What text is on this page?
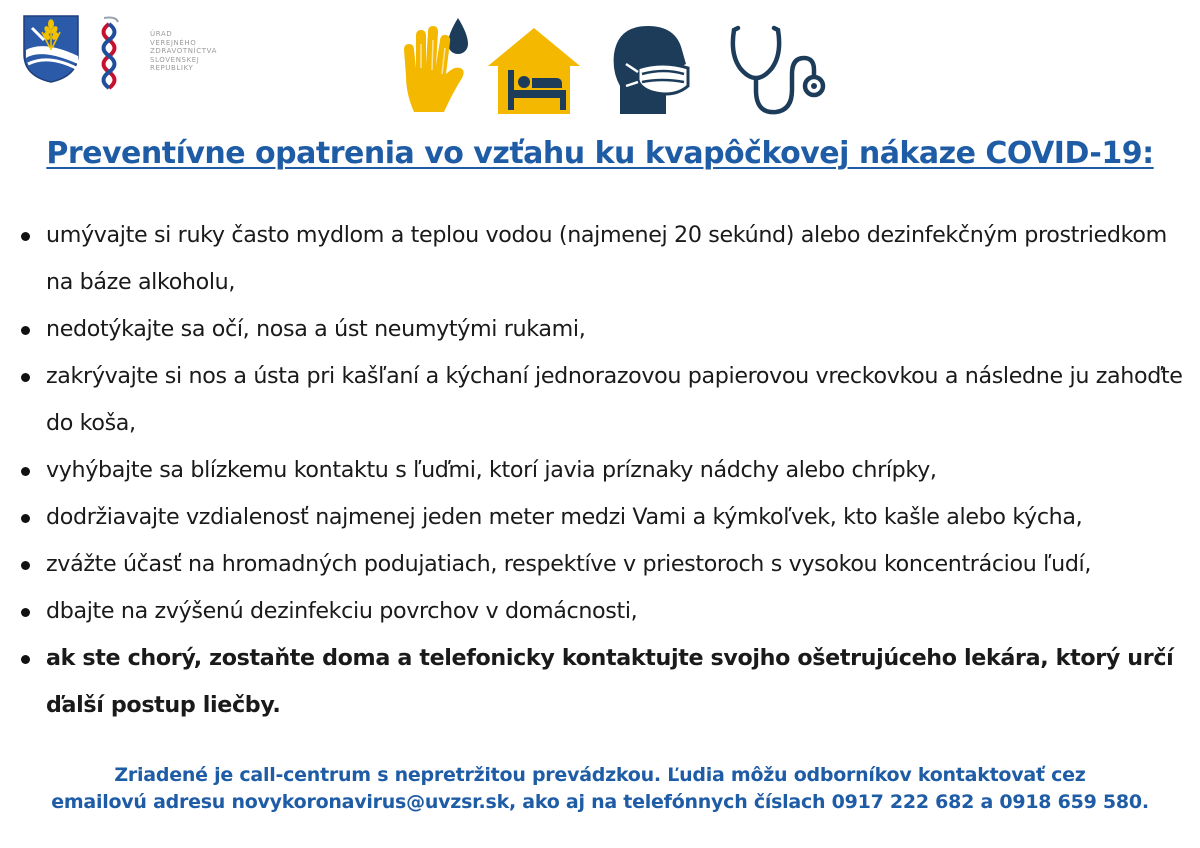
ÚRAD
VEREJNÉHO
ZDRAVOTNÍCTVA
SLOVENSKEJ
REPUBLIKY
Preventívne opatrenia vo vzťahu ku kvapôčkovej nákaze COVID-19:
umývajte si ruky často mydlom a teplou vodou (najmenej 20 sekúnd) alebo dezinfekčným prostriedkom na báze alkoholu,
nedotýkajte sa očí, nosa a úst neumytými rukami,
zakrývajte si nos a ústa pri kašľaní a kýchaní jednorazovou papierovou vreckovkou a následne ju zahoďte do koša,
vyhýbajte sa blízkemu kontaktu s ľuďmi, ktorí javia príznaky nádchy alebo chrípky,
dodržiavajte vzdialenosť najmenej jeden meter medzi Vami a kýmkoľvek, kto kašle alebo kýcha,
zvážte účasť na hromadných podujatiach, respektíve v priestoroch s vysokou koncentráciou ľudí,
dbajte na zvýšenú dezinfekciu povrchov v domácnosti,
ak ste chorý, zostaňte doma a telefonicky kontaktujte svojho ošetrujúceho lekára, ktorý určí ďalší postup liečby.
Zriadené je call-centrum s nepretržitou prevádzkou. Ľudia môžu odborníkov kontaktovať cez
emailovú adresu novykoronavirus@uvzsr.sk, ako aj na telefónnych číslach 0917 222 682 a 0918 659 580.
